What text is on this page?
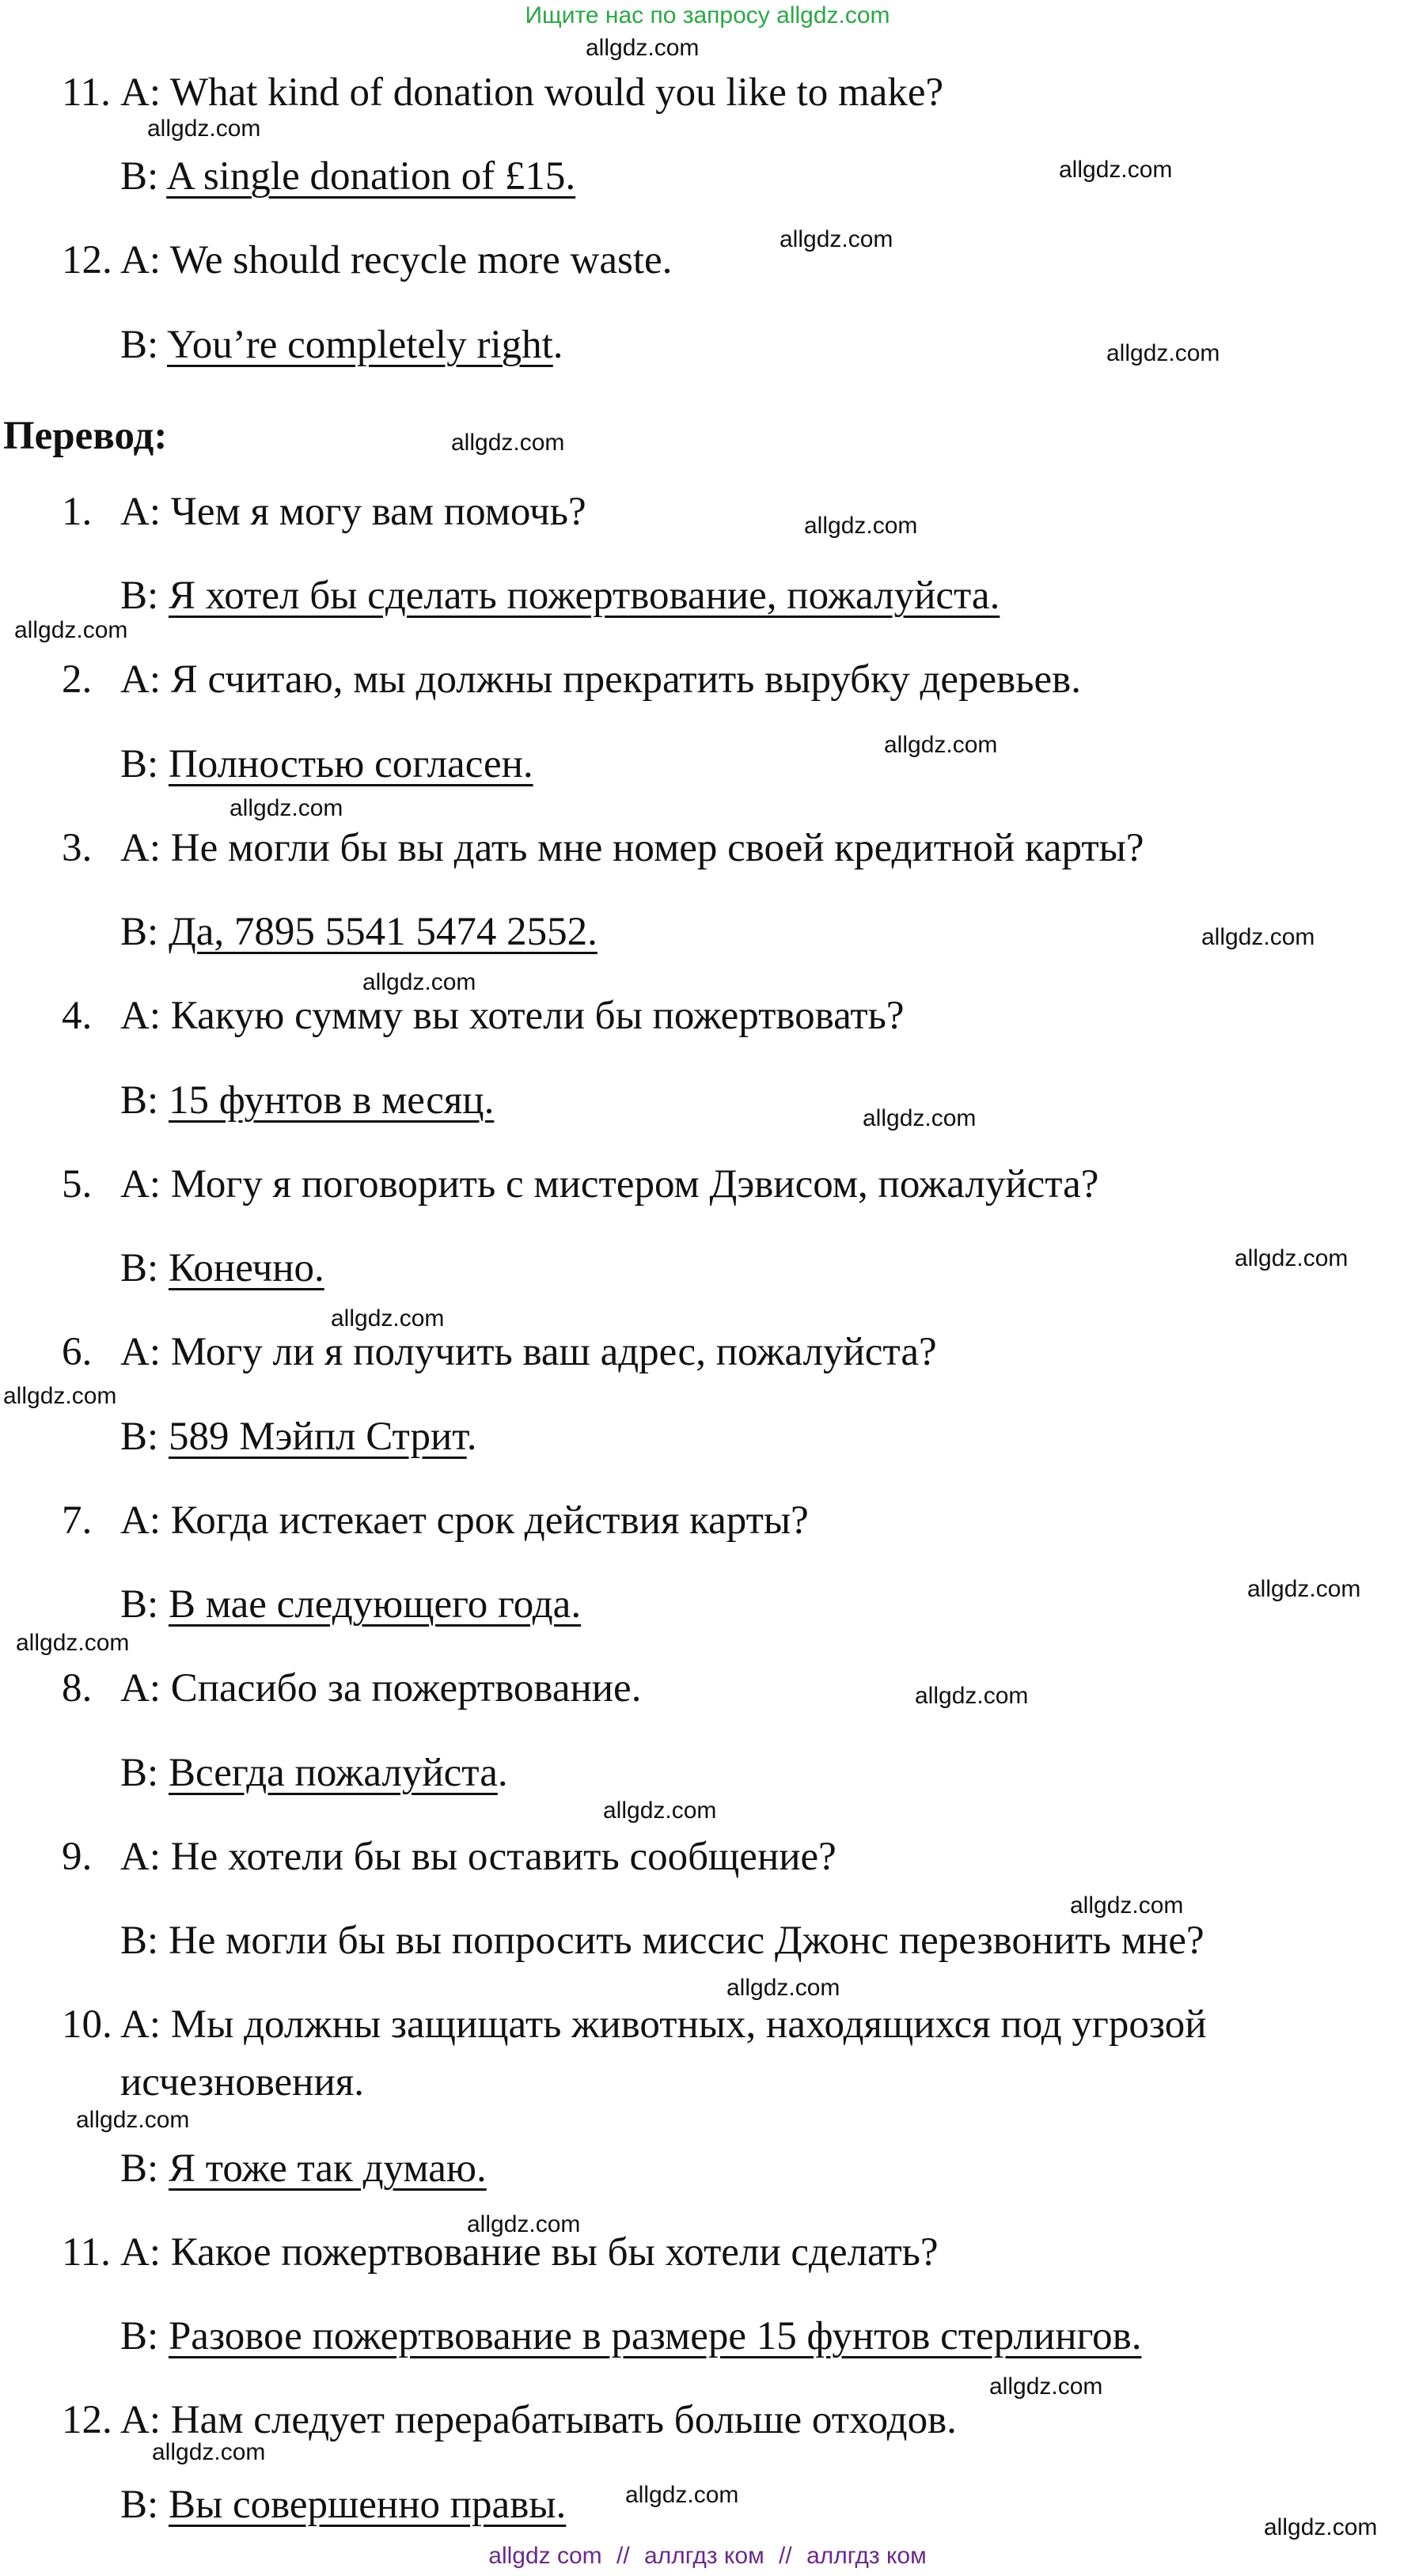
Ищите нас по запросу allgdz.com
allgdz.com
allgdz.com
allgdz.com
allgdz.com
allgdz.com
allgdz.com
allgdz.com
allgdz.com
allgdz.com
allgdz.com
allgdz.com
allgdz.com
allgdz.com
allgdz.com
allgdz.com
allgdz.com
allgdz.com
allgdz.com
allgdz.com
allgdz.com
allgdz.com
allgdz.com
allgdz.com
allgdz.com
allgdz.com
allgdz.com
allgdz.com
allgdz.com
11. A: What kind of donation would you like to make?
B: A single donation of £15.
12. A: We should recycle more waste.
B: You’re completely right.
Перевод:
1. А: Чем я могу вам помочь?
В: Я хотел бы сделать пожертвование, пожалуйста.
2. А: Я считаю, мы должны прекратить вырубку деревьев.
В: Полностью согласен.
3. А: Не могли бы вы дать мне номер своей кредитной карты?
В: Да, 7895 5541 5474 2552.
4. А: Какую сумму вы хотели бы пожертвовать?
В: 15 фунтов в месяц.
5. А: Могу я поговорить с мистером Дэвисом, пожалуйста?
В: Конечно.
6. А: Могу ли я получить ваш адрес, пожалуйста?
В: 589 Мэйпл Стрит.
7. А: Когда истекает срок действия карты?
В: В мае следующего года.
8. А: Спасибо за пожертвование.
В: Всегда пожалуйста.
9. А: Не хотели бы вы оставить сообщение?
В: Не могли бы вы попросить миссис Джонс перезвонить мне?
10. А: Мы должны защищать животных, находящихся под угрозой
исчезновения.
В: Я тоже так думаю.
11. А: Какое пожертвование вы бы хотели сделать?
В: Разовое пожертвование в размере 15 фунтов стерлингов.
12. А: Нам следует перерабатывать больше отходов.
В: Вы совершенно правы.
allgdz com // аллгдз ком // аллгдз ком
